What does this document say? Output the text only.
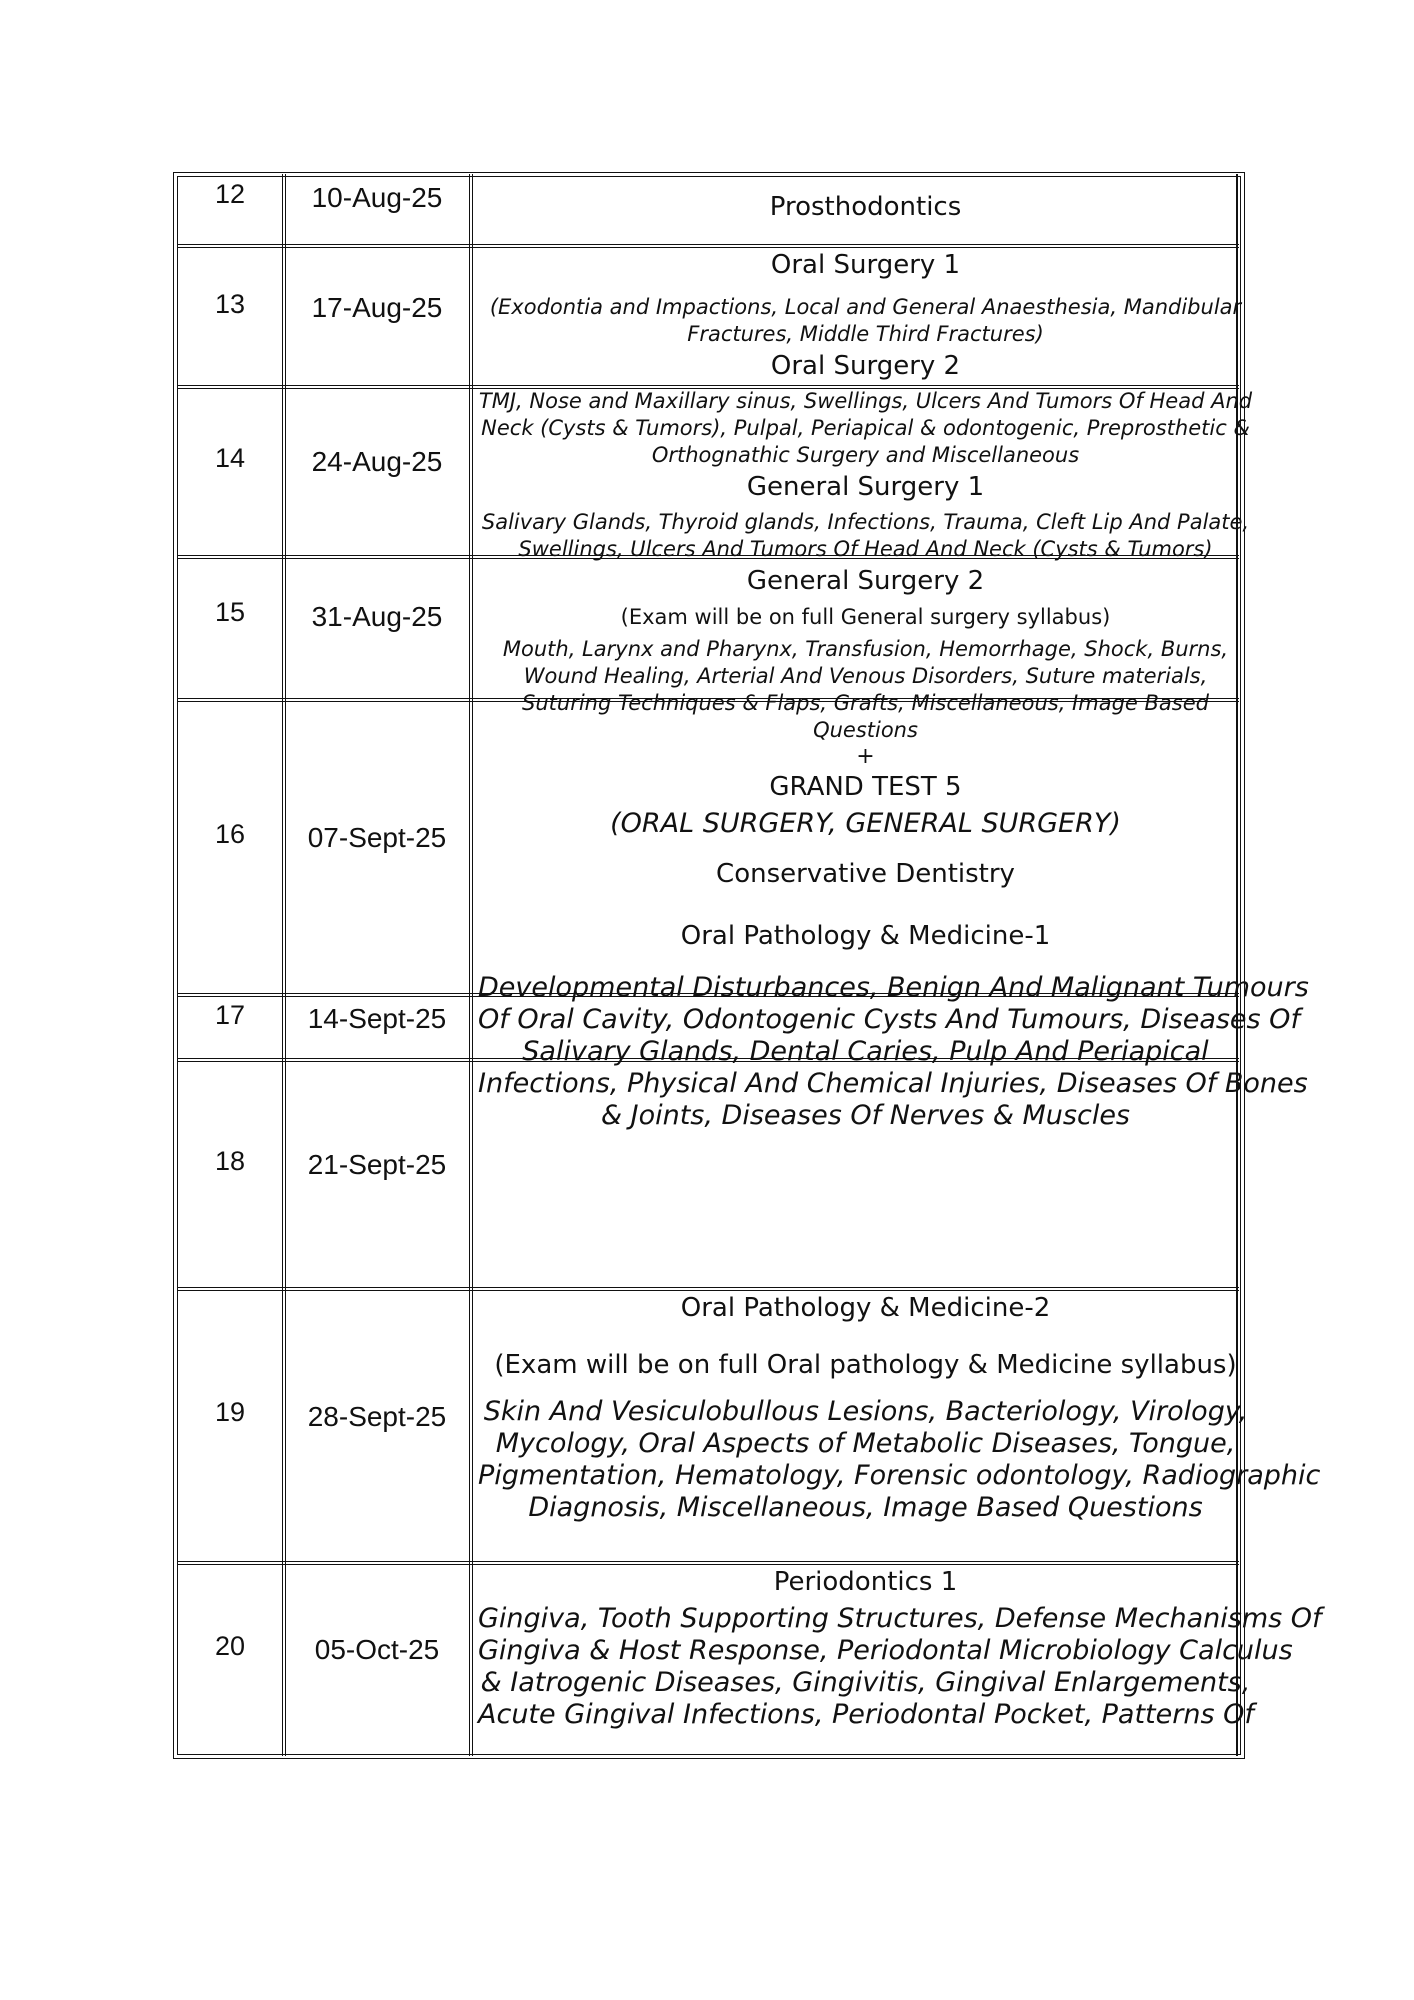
12
13
14
15
16
17
18
19
20
10-Aug-25
17-Aug-25
24-Aug-25
31-Aug-25
07-Sept-25
14-Sept-25
21-Sept-25
28-Sept-25
05-Oct-25
Prosthodontics
Oral Surgery 1
(Exodontia and Impactions, Local and General Anaesthesia, Mandibular
Fractures, Middle Third Fractures)
Oral Surgery 2
TMJ, Nose and Maxillary sinus, Swellings, Ulcers And Tumors Of Head And
Neck (Cysts & Tumors), Pulpal, Periapical & odontogenic, Preprosthetic &
Orthognathic Surgery and Miscellaneous
General Surgery 1
Salivary Glands, Thyroid glands, Infections, Trauma, Cleft Lip And Palate,
Swellings, Ulcers And Tumors Of Head And Neck (Cysts & Tumors)
General Surgery 2
(Exam will be on full General surgery syllabus)
Mouth, Larynx and Pharynx, Transfusion, Hemorrhage, Shock, Burns,
Wound Healing, Arterial And Venous Disorders, Suture materials,
Suturing Techniques & Flaps, Grafts, Miscellaneous, Image Based
Questions
+
GRAND TEST 5
(ORAL SURGERY, GENERAL SURGERY)
Conservative Dentistry
Oral Pathology & Medicine-1
Developmental Disturbances, Benign And Malignant Tumours
Of Oral Cavity, Odontogenic Cysts And Tumours, Diseases Of
Salivary Glands, Dental Caries, Pulp And Periapical
Infections, Physical And Chemical Injuries, Diseases Of Bones
& Joints, Diseases Of Nerves & Muscles
Oral Pathology & Medicine-2
(Exam will be on full Oral pathology & Medicine syllabus)
Skin And Vesiculobullous Lesions, Bacteriology, Virology,
Mycology, Oral Aspects of Metabolic Diseases, Tongue,
Pigmentation, Hematology, Forensic odontology, Radiographic
Diagnosis, Miscellaneous, Image Based Questions
Periodontics 1
Gingiva, Tooth Supporting Structures, Defense Mechanisms Of
Gingiva & Host Response, Periodontal Microbiology Calculus
& Iatrogenic Diseases, Gingivitis, Gingival Enlargements,
Acute Gingival Infections, Periodontal Pocket, Patterns Of
